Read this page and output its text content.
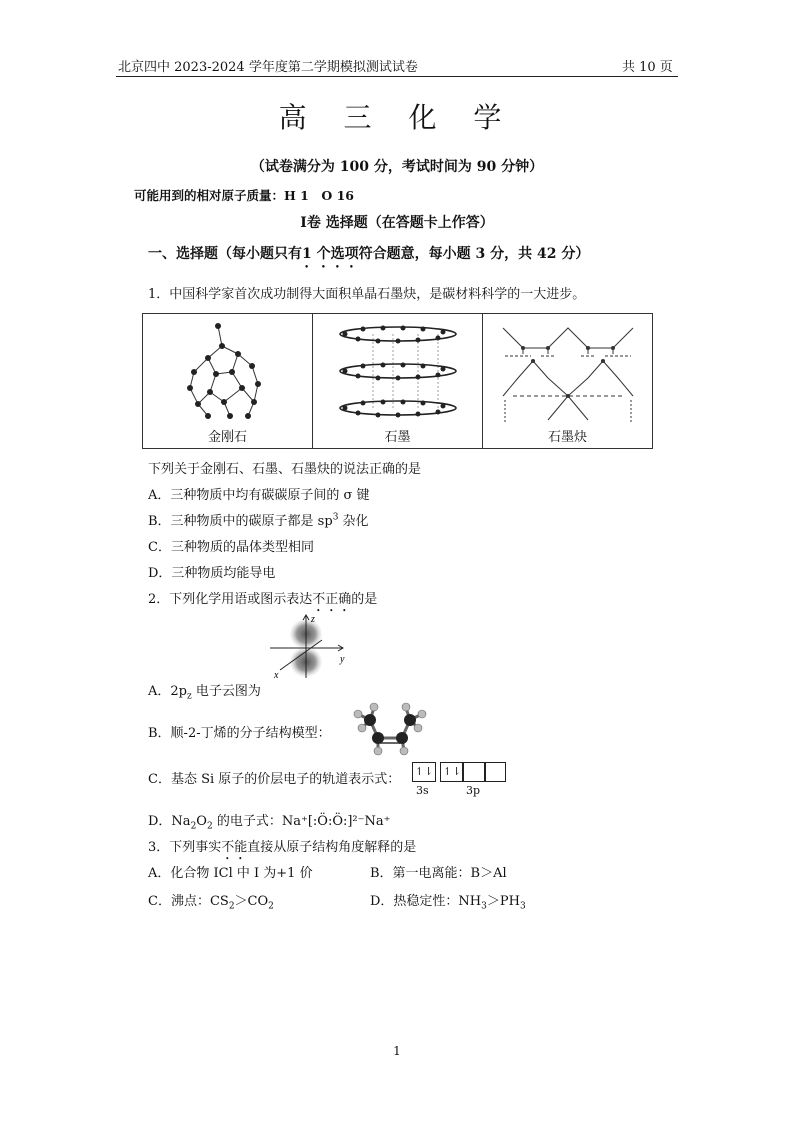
北京四中 2023-2024 学年度第二学期模拟测试试卷	共 10 页
高 三 化 学
（试卷满分为 100 分，考试时间为 90 分钟）
可能用到的相对原子质量：H 1　O 16
I卷 选择题（在答题卡上作答）
一、选择题（每小题只有1 个选项符合题意，每小题 3 分，共 42 分）
1．中国科学家首次成功制得大面积单晶石墨炔，是碳材料科学的一大进步。
金刚石	石墨	石墨炔
下列关于金刚石、石墨、石墨炔的说法正确的是
A．三种物质中均有碳碳原子间的 σ 键
B．三种物质中的碳原子都是 $sp^3$ 杂化
C．三种物质的晶体类型相同
D．三种物质均能导电
2．下列化学用语或图示表达不正确的是
z
y
x
A．$2p_z$ 电子云图为
B．顺-2-丁烯的分子结构模型：
C．基态 Si 原子的价层电子的轨道表示式：
↿⇂ ↿⇂
3s	3p
D．$Na_2O_2$ 的电子式：Na⁺[:Ö:Ö:]²⁻Na⁺
3．下列事实不能直接从原子结构角度解释的是
A．化合物 ICl 中 I 为+1 价	B．第一电离能：B＞Al
C．沸点：$CS_2>CO_2$	D．热稳定性：$NH_3>PH_3$
1
